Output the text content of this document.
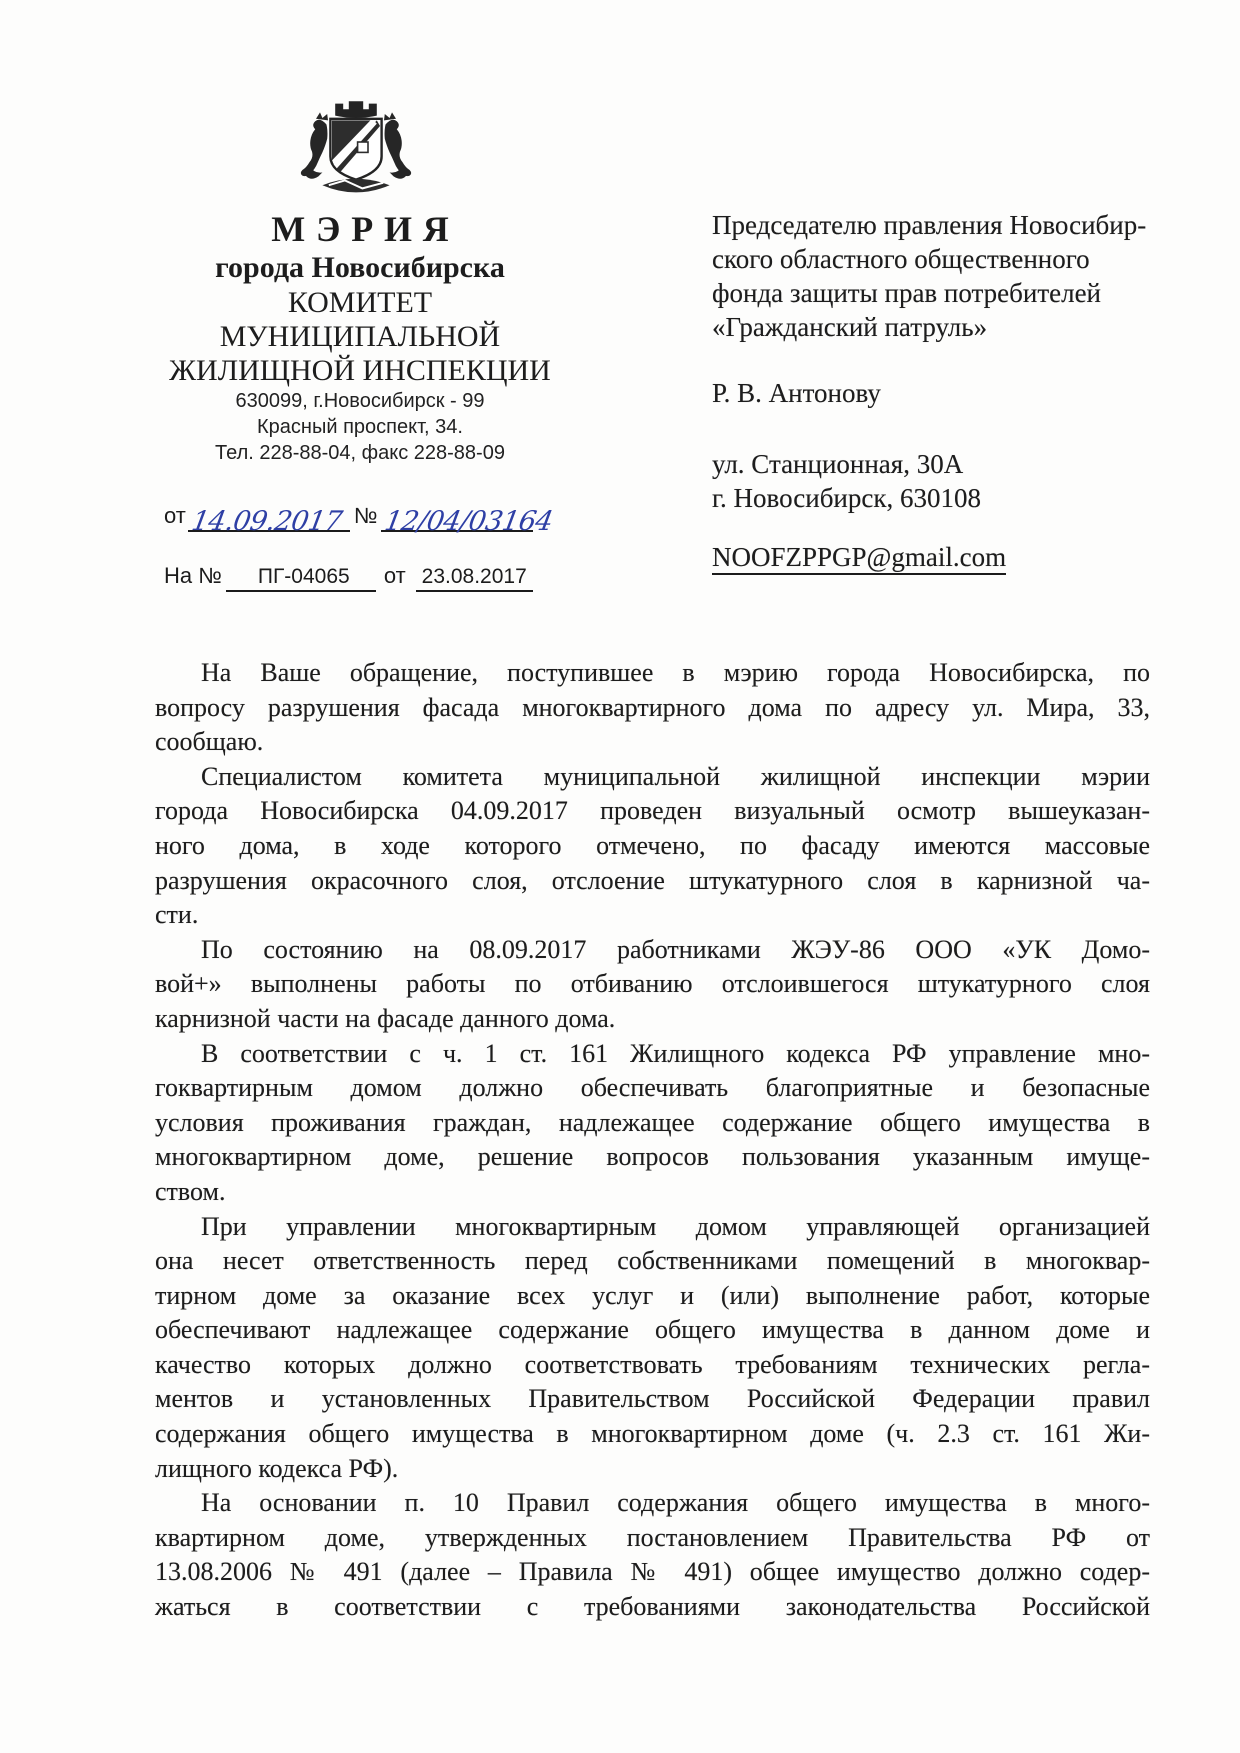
МЭРИЯ
города Новосибирска
КОМИТЕТ
МУНИЦИПАЛЬНОЙ
ЖИЛИЩНОЙ ИНСПЕКЦИИ
630099, г.Новосибирск - 99
Красный проспект, 34.
Тел. 228-88-04, факс 228-88-09
от 14.09.2017 № 12/04/03164
На №	ПГ-04065 от 23.08.2017
Председателю правления Новосибир-
ского областного общественного
фонда защиты прав потребителей
«Гражданский патруль»
Р. В. Антонову
ул. Станционная, 30А
г. Новосибирск, 630108
NOOFZPPGP@gmail.com
На Ваше обращение, поступившее в мэрию города Новосибирска, по
вопросу разрушения фасада многоквартирного дома по адресу ул. Мира, 33,
сообщаю.
Специалистом комитета муниципальной жилищной инспекции мэрии
города Новосибирска 04.09.2017 проведен визуальный осмотр вышеуказан-
ного дома, в ходе которого отмечено, по фасаду имеются массовые
разрушения окрасочного слоя, отслоение штукатурного слоя в карнизной ча-
сти.
По состоянию на 08.09.2017 работниками ЖЭУ-86 ООО «УК Домо-
вой+» выполнены работы по отбиванию отслоившегося штукатурного слоя
карнизной части на фасаде данного дома.
В соответствии с ч. 1 ст. 161 Жилищного кодекса РФ управление мно-
гоквартирным домом должно обеспечивать благоприятные и безопасные
условия проживания граждан, надлежащее содержание общего имущества в
многоквартирном доме, решение вопросов пользования указанным имуще-
ством.
При управлении многоквартирным домом управляющей организацией
она несет ответственность перед собственниками помещений в многоквар-
тирном доме за оказание всех услуг и (или) выполнение работ, которые
обеспечивают надлежащее содержание общего имущества в данном доме и
качество которых должно соответствовать требованиям технических регла-
ментов и установленных Правительством Российской Федерации правил
содержания общего имущества в многоквартирном доме (ч. 2.3 ст. 161 Жи-
лищного кодекса РФ).
На основании п. 10 Правил содержания общего имущества в много-
квартирном доме, утвержденных постановлением Правительства РФ от
13.08.2006 № 491 (далее – Правила № 491) общее имущество должно содер-
жаться в соответствии с требованиями законодательства Российской
